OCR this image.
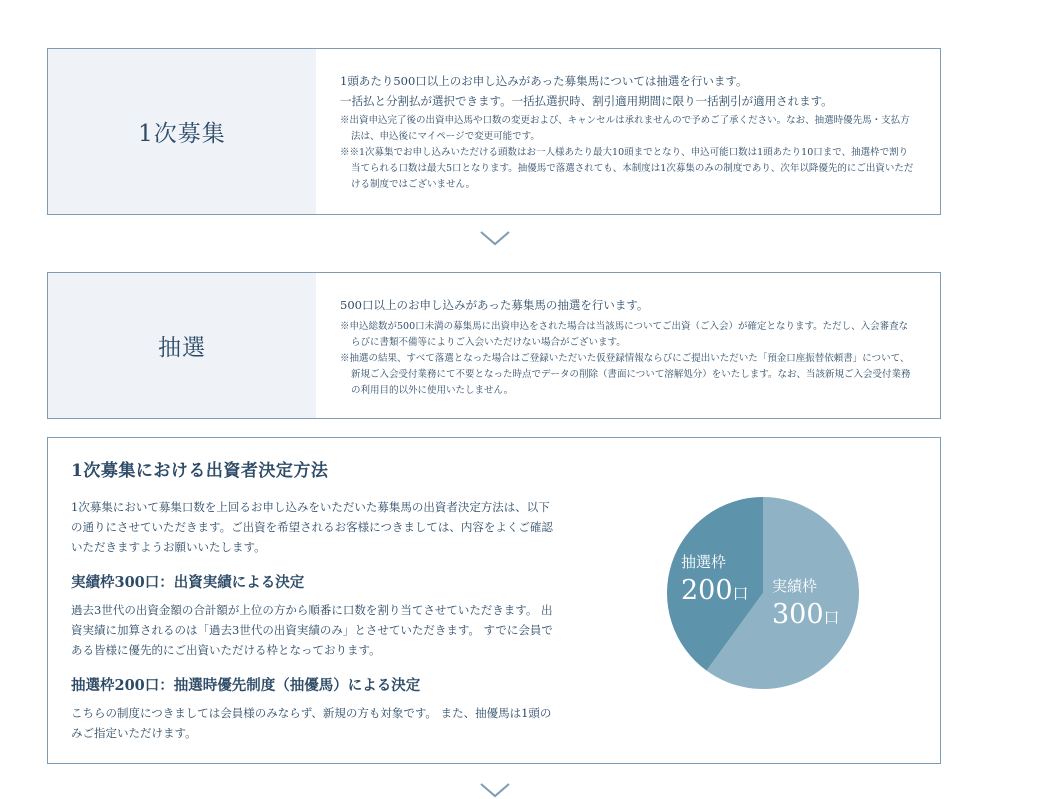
1次募集

1頭あたり500口以上のお申し込みがあった募集馬については抽選を行います。

一括払と分割払が選択できます。一括払選択時、割引適用期間に限り一括割引が適用されます。

※出資申込完了後の出資申込馬や口数の変更および、キャンセルは承れませんので予めご了承ください。なお、抽選時優先馬・支払方法は、申込後にマイページで変更可能です。

※※1次募集でお申し込みいただける頭数はお一人様あたり最大10頭までとなり、申込可能口数は1頭あたり10口まで、抽選枠で割り当てられる口数は最大5口となります。抽優馬で落選されても、本制度は1次募集のみの制度であり、次年以降優先的にご出資いただける制度ではございません。

抽選

500口以上のお申し込みがあった募集馬の抽選を行います。

※申込総数が500口未満の募集馬に出資申込をされた場合は当該馬についてご出資（ご入会）が確定となります。ただし、入会審査ならびに書類不備等によりご入会いただけない場合がございます。

※抽選の結果、すべて落選となった場合はご登録いただいた仮登録情報ならびにご提出いただいた「預金口座振替依頼書」について、新規ご入会受付業務にて不要となった時点でデータの削除（書面について溶解処分）をいたします。なお、当該新規ご入会受付業務の利用目的以外に使用いたしません。

1次募集における出資者決定方法

1次募集において募集口数を上回るお申し込みをいただいた募集馬の出資者決定方法は、以下の通りにさせていただきます。ご出資を希望されるお客様につきましては、内容をよくご確認いただきますようお願いいたします。

実績枠300口：出資実績による決定

過去3世代の出資金額の合計額が上位の方から順番に口数を割り当てさせていただきます。 出資実績に加算されるのは「過去3世代の出資実績のみ」とさせていただきます。 すでに会員である皆様に優先的にご出資いただける枠となっております。

抽選枠200口：抽選時優先制度（抽優馬）による決定

こちらの制度につきましては会員様のみならず、新規の方も対象です。 また、抽優馬は1頭のみご指定いただけます。

抽選枠
200口 実績枠
300口
